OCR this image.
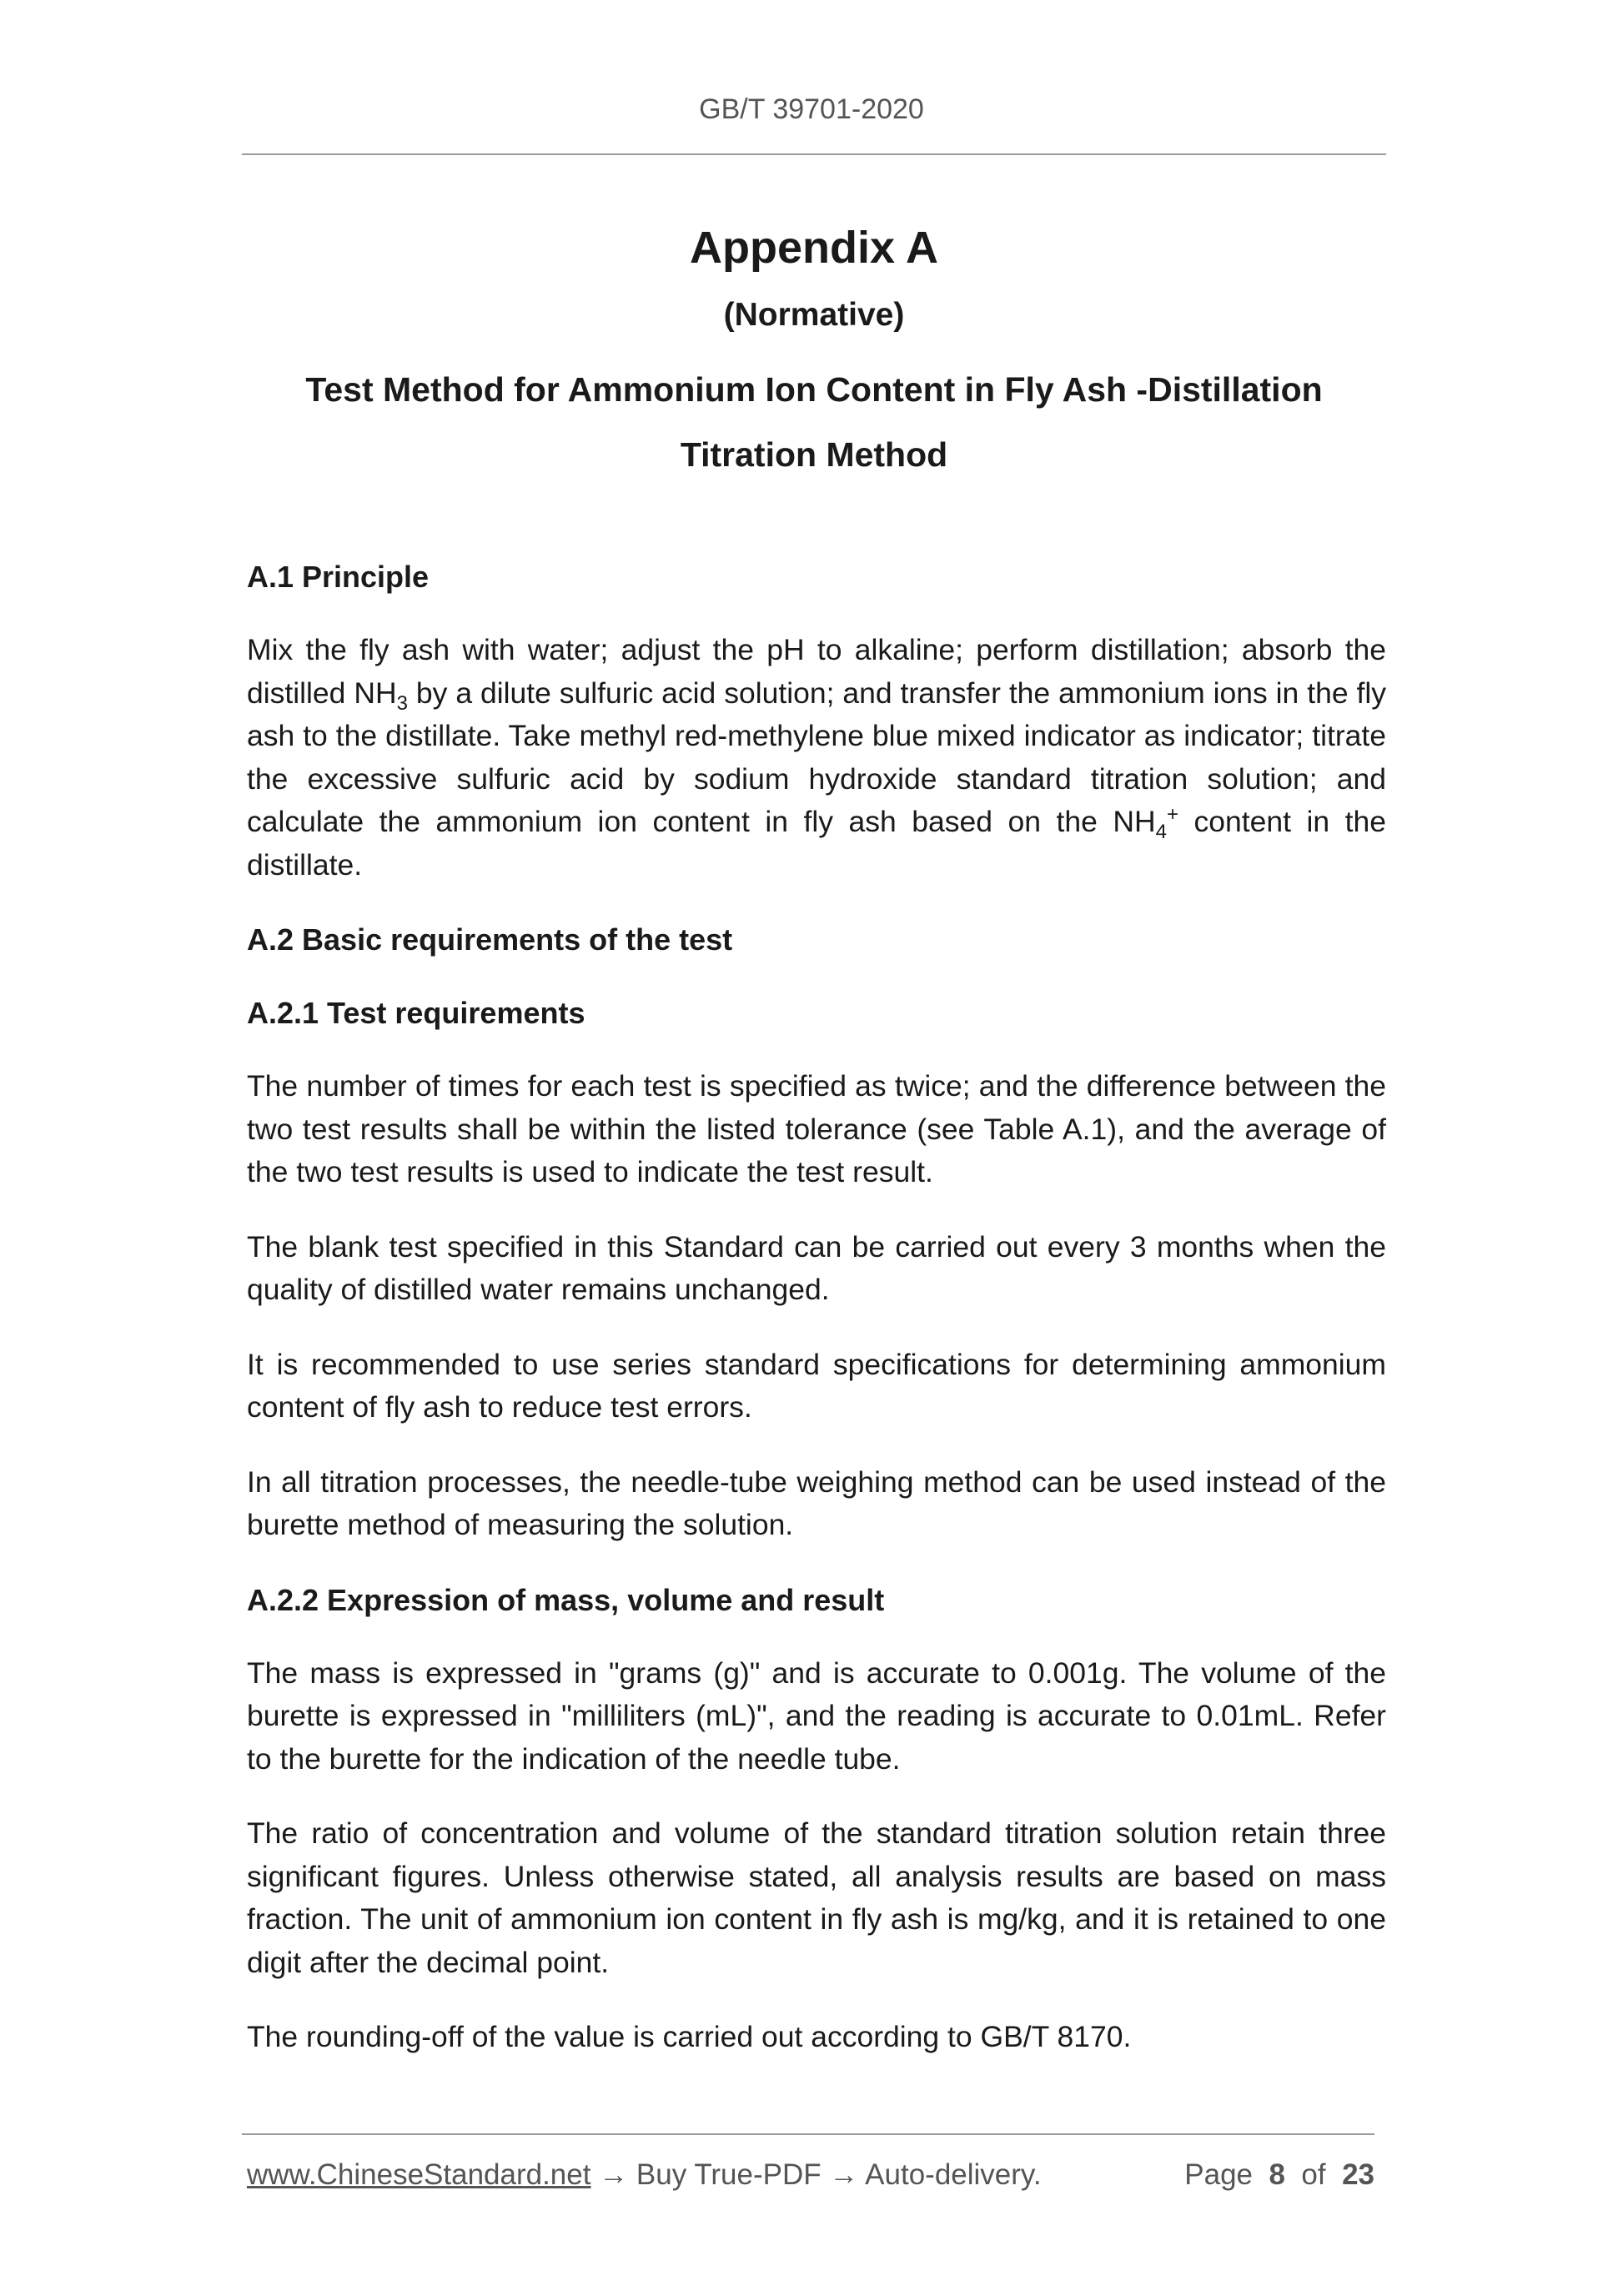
GB/T 39701-2020
Appendix A
(Normative)
Test Method for Ammonium Ion Content in Fly Ash -Distillation
Titration Method
A.1 Principle

Mix the fly ash with water; adjust the pH to alkaline; perform distillation; absorb the distilled $NH_3$ by a dilute sulfuric acid solution; and transfer the ammonium ions in the fly ash to the distillate. Take methyl red-methylene blue mixed indicator as indicator; titrate the excessive sulfuric acid by sodium hydroxide standard titration solution; and calculate the ammonium ion content in fly ash based on the $NH_4^+$ content in the distillate.

A.2 Basic requirements of the test
A.2.1 Test requirements

The number of times for each test is specified as twice; and the difference between the two test results shall be within the listed tolerance (see Table A.1), and the average of the two test results is used to indicate the test result.

The blank test specified in this Standard can be carried out every 3 months when the quality of distilled water remains unchanged.

It is recommended to use series standard specifications for determining ammonium content of fly ash to reduce test errors.

In all titration processes, the needle-tube weighing method can be used instead of the burette method of measuring the solution.

A.2.2 Expression of mass, volume and result

The mass is expressed in "grams (g)" and is accurate to 0.001g. The volume of the burette is expressed in "milliliters (mL)", and the reading is accurate to 0.01mL. Refer to the burette for the indication of the needle tube.

The ratio of concentration and volume of the standard titration solution retain three significant figures. Unless otherwise stated, all analysis results are based on mass fraction. The unit of ammonium ion content in fly ash is mg/kg, and it is retained to one digit after the decimal point.

The rounding-off of the value is carried out according to GB/T 8170.

www.ChineseStandard.net → Buy True-PDF → Auto-delivery.	Page 8 of 23
